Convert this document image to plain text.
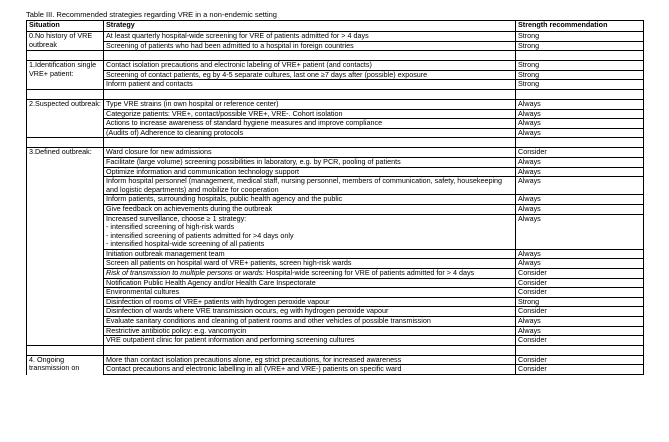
Table III. Recommended strategies regarding VRE in a non-endemic setting
Situation	Strategy	Strength recommendation
0.No history of VRE outbreak	At least quarterly hospital-wide screening for VRE of patients admitted for > 4 days	Strong
	Screening of patients who had been admitted to a hospital in foreign countries	Strong

1.Identification single VRE+ patient:	Contact isolation precautions and electronic labeling of VRE+ patient (and contacts)	Strong
	Screening of contact patients, eg by 4-5 separate cultures, last one ≥7 days after (possible) exposure	Strong
	Inform patient and contacts	Strong

2.Suspected outbreak:	Type VRE strains (in own hospital or reference center)	Always
	Categorize patients: VRE+, contact/possible VRE+, VRE-. Cohort isolation	Always
	Actions to increase awareness of standard hygiene measures and improve compliance	Always
	(Audits of) Adherence to cleaning protocols	Always

3.Defined outbreak:	Ward closure for new admissions	Consider
	Facilitate (large volume) screening possibilities in laboratory, e.g. by PCR, pooling of patients	Always
	Optimize information and communication technology support	Always
	Inform hospital personnel (management, medical staff, nursing personnel, members of communication, safety, housekeeping and logistic departments) and mobilize for cooperation	Always
	Inform patients, surrounding hospitals, public health agency and the public	Always
	Give feedback on achievements during the outbreak	Always
	Increased surveillance, choose ≥ 1 strategy:
- intensified screening of high-risk wards
- intensified screening of patients admitted for >4 days only
- intensified hospital-wide screening of all patients	Always
	Initiation outbreak management team	Always
	Screen all patients on hospital ward of VRE+ patients, screen high-risk wards	Always
	Risk of transmission to multiple persons or wards: Hospital-wide screening for VRE of patients admitted for > 4 days	Consider
	Notification Public Health Agency and/or Health Care Inspectorate	Consider
	Environmental cultures	Consider
	Disinfection of rooms of VRE+ patients with hydrogen peroxide vapour	Strong
	Disinfection of wards where VRE transmission occurs, eg with hydrogen peroxide vapour	Consider
	Evaluate sanitary conditions and cleaning of patient rooms and other vehicles of possible transmission	Always
	Restrictive antibiotic policy: e.g. vancomycin	Always
	VRE outpatient clinic for patient information and performing screening cultures	Consider

4. Ongoing transmission on	More than contact isolation precautions alone, eg strict precautions, for increased awareness	Consider
	Contact precautions and electronic labelling in all (VRE+ and VRE-) patients on specific ward	Consider
